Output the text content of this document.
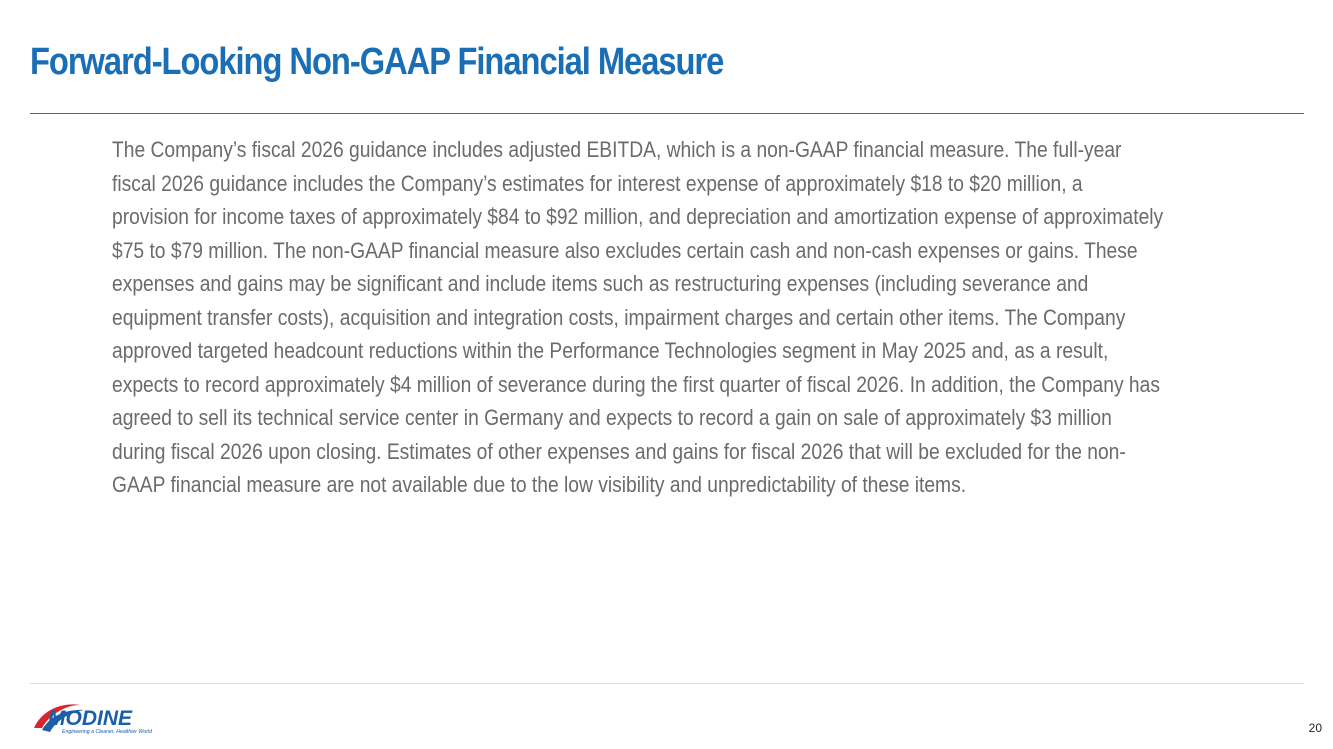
Forward-Looking Non-GAAP Financial Measure

The Company’s fiscal 2026 guidance includes adjusted EBITDA, which is a non-GAAP financial measure. The full-year fiscal 2026 guidance includes the Company’s estimates for interest expense of approximately $18 to $20 million, a provision for income taxes of approximately $84 to $92 million, and depreciation and amortization expense of approximately $75 to $79 million. The non-GAAP financial measure also excludes certain cash and non-cash expenses or gains. These expenses and gains may be significant and include items such as restructuring expenses (including severance and equipment transfer costs), acquisition and integration costs, impairment charges and certain other items. The Company approved targeted headcount reductions within the Performance Technologies segment in May 2025 and, as a result, expects to record approximately $4 million of severance during the first quarter of fiscal 2026. In addition, the Company has agreed to sell its technical service center in Germany and expects to record a gain on sale of approximately $3 million during fiscal 2026 upon closing. Estimates of other expenses and gains for fiscal 2026 that will be excluded for the non-GAAP financial measure are not available due to the low visibility and unpredictability of these items.

MODINE
Engineering a Cleaner, Healthier World	20
